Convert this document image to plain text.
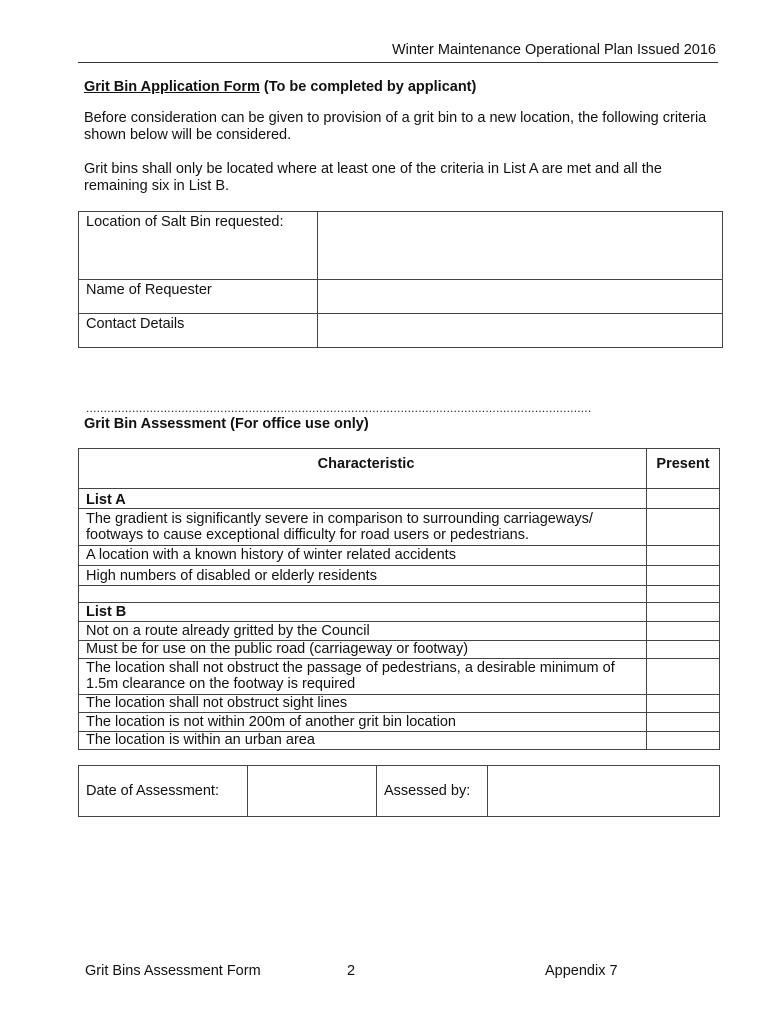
Winter Maintenance Operational Plan Issued 2016
Grit Bin Application Form (To be completed by applicant)
Before consideration can be given to provision of a grit bin to a new location, the following criteria shown below will be considered.
Grit bins shall only be located where at least one of the criteria in List A are met and all the remaining six in List B.
Location of Salt Bin requested:	
Name of Requester	
Contact Details	
...............................................................................................................................................
Grit Bin Assessment (For office use only)
Characteristic	Present
List A	
The gradient is significantly severe in comparison to surrounding carriageways/ footways to cause exceptional difficulty for road users or pedestrians.	
A location with a known history of winter related accidents	
High numbers of disabled or elderly residents	

List B	
Not on a route already gritted by the Council	
Must be for use on the public road (carriageway or footway)	
The location shall not obstruct the passage of pedestrians, a desirable minimum of 1.5m clearance on the footway is required	
The location shall not obstruct sight lines	
The location is not within 200m of another grit bin location	
The location is within an urban area	
Date of Assessment:		Assessed by:	
Grit Bins Assessment Form	2	Appendix 7
